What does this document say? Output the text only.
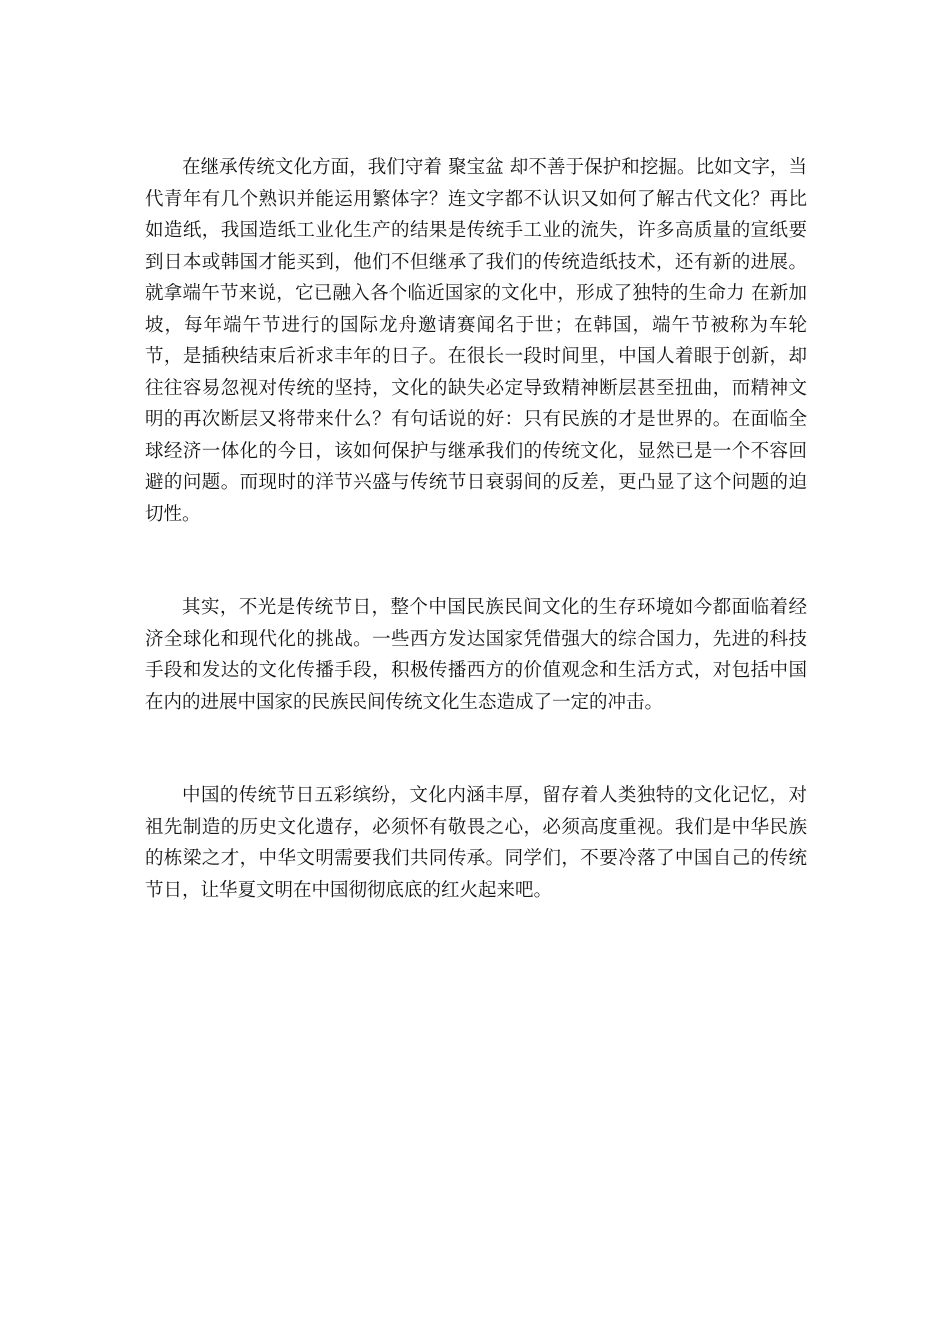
在继承传统文化方面，我们守着 聚宝盆 却不善于保护和挖掘。比如文字，当代青年有几个熟识并能运用繁体字？连文字都不认识又如何了解古代文化？再比如造纸，我国造纸工业化生产的结果是传统手工业的流失，许多高质量的宣纸要到日本或韩国才能买到，他们不但继承了我们的传统造纸技术，还有新的进展。就拿端午节来说，它已融入各个临近国家的文化中，形成了独特的生命力 在新加坡，每年端午节进行的国际龙舟邀请赛闻名于世；在韩国，端午节被称为车轮节，是插秧结束后祈求丰年的日子。在很长一段时间里，中国人着眼于创新，却往往容易忽视对传统的坚持，文化的缺失必定导致精神断层甚至扭曲，而精神文明的再次断层又将带来什么？有句话说的好：只有民族的才是世界的。在面临全球经济一体化的今日，该如何保护与继承我们的传统文化，显然已是一个不容回避的问题。而现时的洋节兴盛与传统节日衰弱间的反差，更凸显了这个问题的迫切性。

其实，不光是传统节日，整个中国民族民间文化的生存环境如今都面临着经济全球化和现代化的挑战。一些西方发达国家凭借强大的综合国力，先进的科技手段和发达的文化传播手段，积极传播西方的价值观念和生活方式，对包括中国在内的进展中国家的民族民间传统文化生态造成了一定的冲击。

中国的传统节日五彩缤纷，文化内涵丰厚，留存着人类独特的文化记忆，对祖先制造的历史文化遗存，必须怀有敬畏之心，必须高度重视。我们是中华民族的栋梁之才，中华文明需要我们共同传承。同学们，不要冷落了中国自己的传统节日，让华夏文明在中国彻彻底底的红火起来吧。
